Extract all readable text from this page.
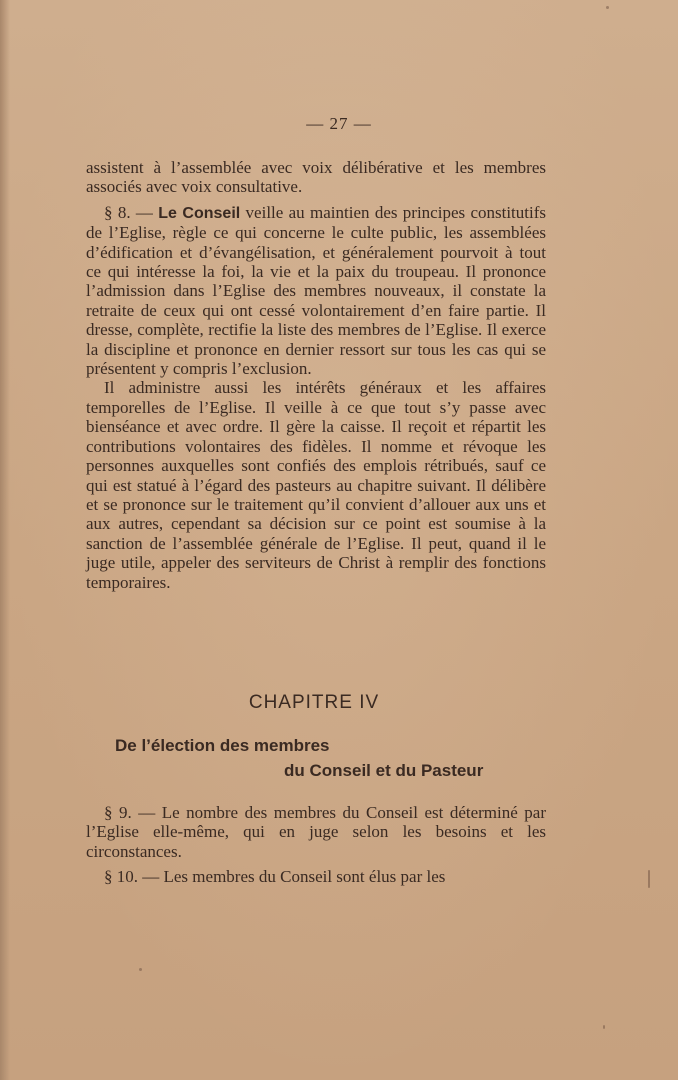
— 27 —

assistent à l’assemblée avec voix délibérative et les membres associés avec voix consultative.

§ 8. — Le Conseil veille au maintien des principes constitutifs de l’Eglise, règle ce qui concerne le culte public, les assemblées d’édification et d’évangélisation, et généralement pourvoit à tout ce qui intéresse la foi, la vie et la paix du troupeau. Il prononce l’admission dans l’Eglise des membres nouveaux, il constate la retraite de ceux qui ont cessé volontairement d’en faire partie. Il dresse, complète, rectifie la liste des membres de l’Eglise. Il exerce la discipline et prononce en dernier ressort sur tous les cas qui se présentent y compris l’exclusion.

Il administre aussi les intérêts généraux et les affaires temporelles de l’Eglise. Il veille à ce que tout s’y passe avec bienséance et avec ordre. Il gère la caisse. Il reçoit et répartit les contributions volontaires des fidèles. Il nomme et révoque les personnes auxquelles sont confiés des emplois rétribués, sauf ce qui est statué à l’égard des pasteurs au chapitre suivant. Il délibère et se prononce sur le traitement qu’il convient d’allouer aux uns et aux autres, cependant sa décision sur ce point est soumise à la sanction de l’assemblée générale de l’Eglise. Il peut, quand il le juge utile, appeler des serviteurs de Christ à remplir des fonctions temporaires.

CHAPITRE IV
De l’élection des membres
du Conseil et du Pasteur

§ 9. — Le nombre des membres du Conseil est déterminé par l’Eglise elle-même, qui en juge selon les besoins et les circonstances.

§ 10. — Les membres du Conseil sont élus par les
